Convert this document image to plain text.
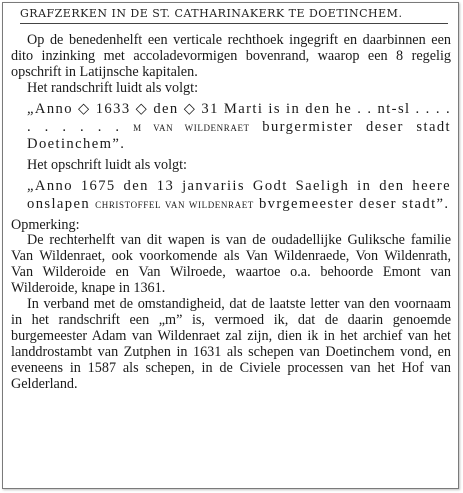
GRAFZERKEN IN DE ST. CATHARINAKERK TE DOETINCHEM.

Op de benedenhelft een verticale rechthoek ingegrift en daarbinnen een dito inzinking met accoladevormigen bovenrand, waarop een 8 regelig opschrift in Latijnsche kapitalen.

Het randschrift luidt als volgt:

„Anno ◇ 1633 ◇ den ◇ 31 Marti is in den he . . nt-sl . . . . . . . . . . m van wildenraet burgermister deser stadt Doetinchem”.

Het opschrift luidt als volgt:

„Anno 1675 den 13 janvariis Godt Saeligh in den heere onslapen christoffel van wildenraet bvrgemeester deser stadt”.

Opmerking:

De rechterhelft van dit wapen is van de oudadellijke Guliksche familie Van Wildenraet, ook voorkomende als Van Wildenraede, Von Wildenrath, Van Wilderoide en Van Wilroede, waartoe o.a. behoorde Emont van Wilderoide, knape in 1361.

In verband met de omstandigheid, dat de laatste letter van den voornaam in het randschrift een „m” is, vermoed ik, dat de daarin genoemde burgemeester Adam van Wildenraet zal zijn, dien ik in het archief van het landdrostambt van Zutphen in 1631 als schepen van Doetinchem vond, en eveneens in 1587 als schepen, in de Civiele processen van het Hof van Gelderland.
